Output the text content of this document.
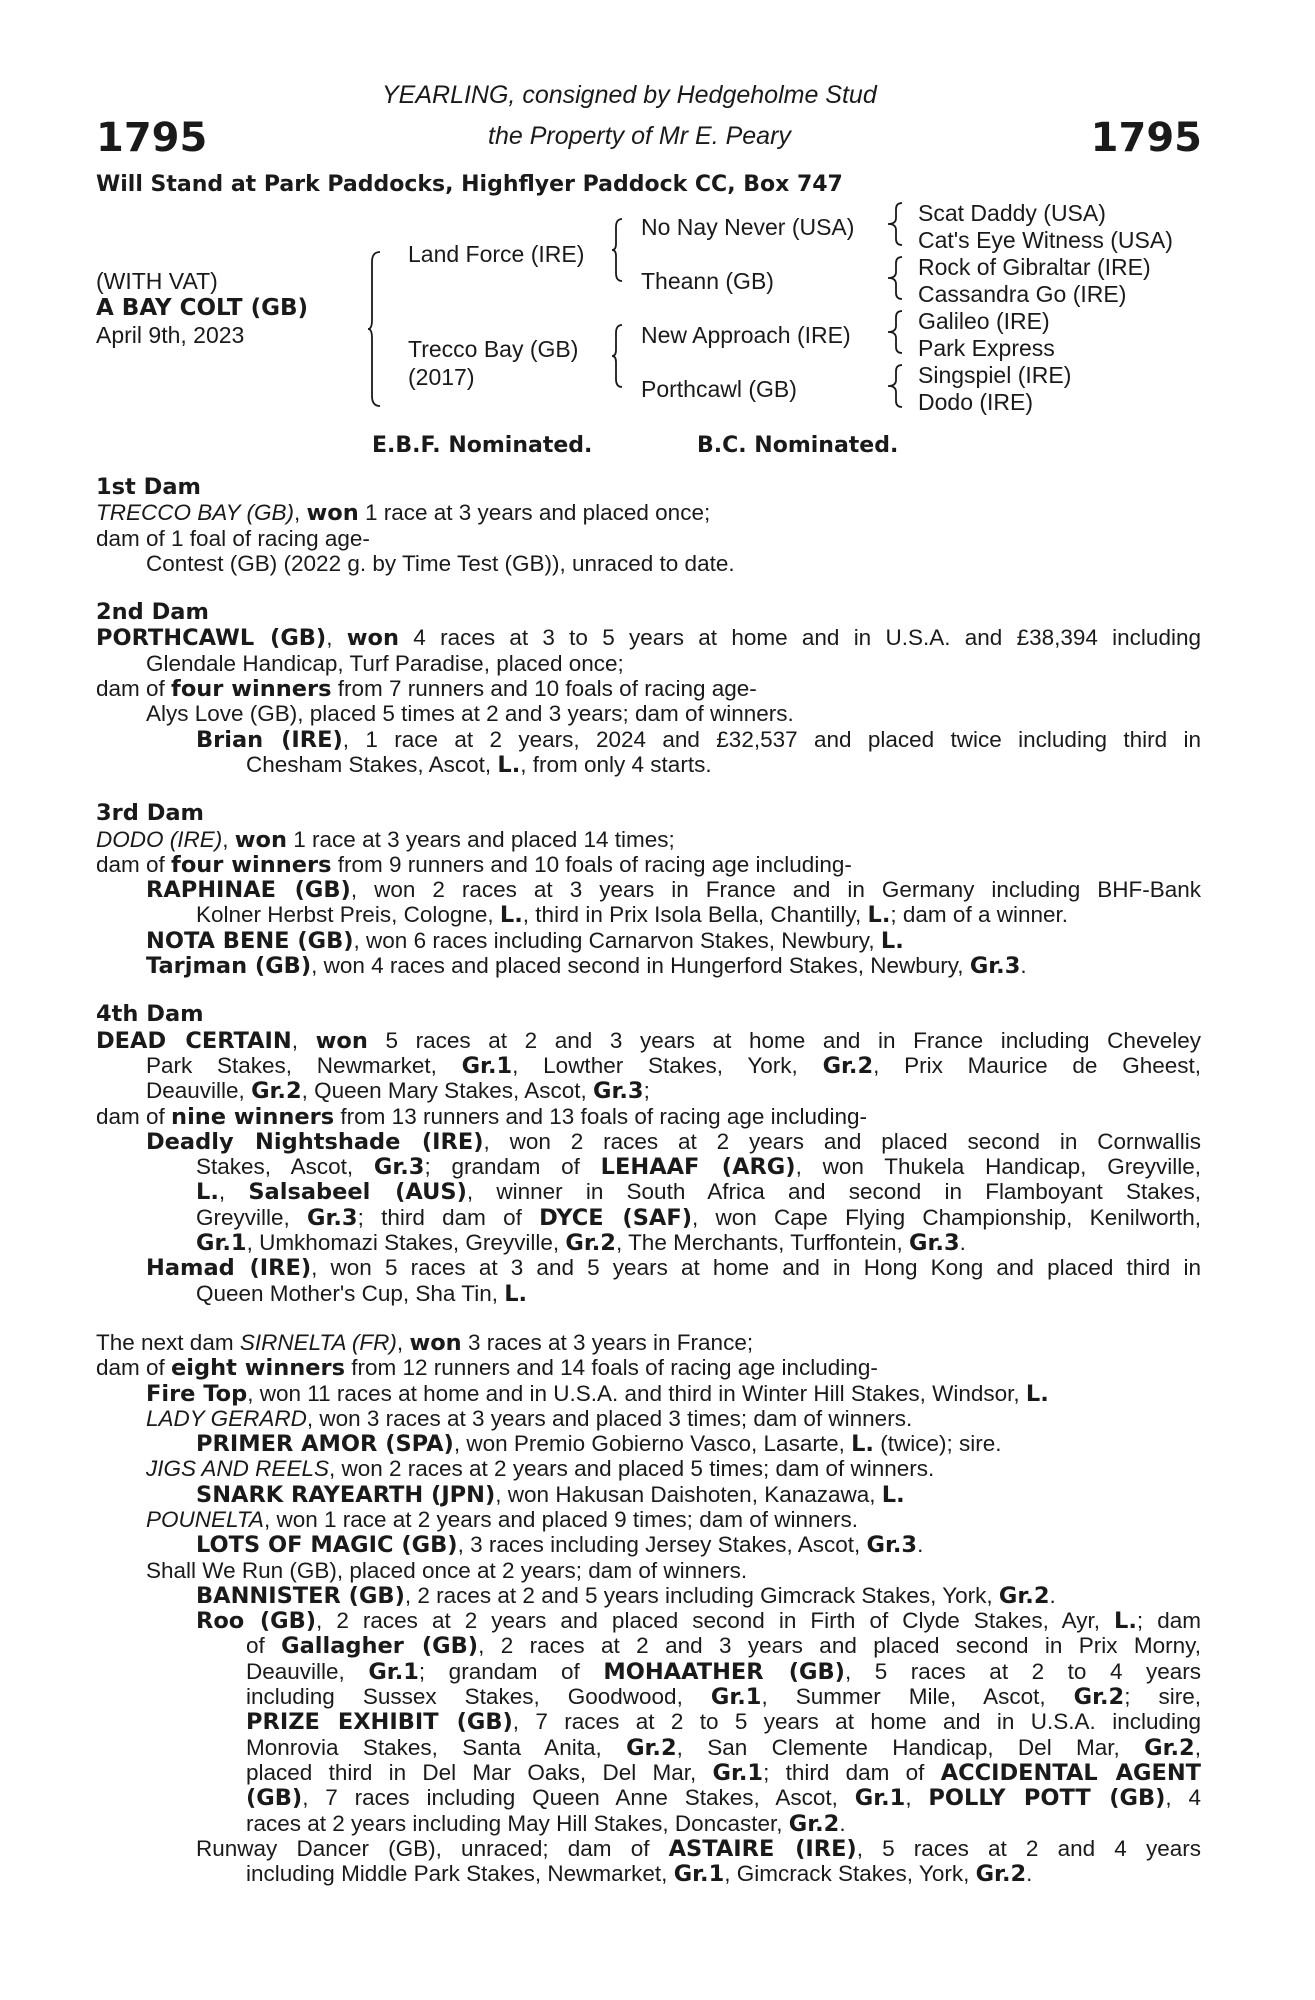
1795	1795
YEARLING, consigned by Hedgeholme Stud
the Property of Mr E. Peary
Will Stand at Park Paddocks, Highflyer Paddock CC, Box 747
(WITH VAT)
A BAY COLT (GB)
April 9th, 2023
Land Force (IRE)
Trecco Bay (GB)
(2017)
No Nay Never (USA)
Theann (GB)
New Approach (IRE)
Porthcawl (GB)
Scat Daddy (USA)
Cat's Eye Witness (USA)
Rock of Gibraltar (IRE)
Cassandra Go (IRE)
Galileo (IRE)
Park Express
Singspiel (IRE)
Dodo (IRE)
E.B.F. Nominated.	B.C. Nominated.
1st Dam
TRECCO BAY (GB), won 1 race at 3 years and placed once;
dam of 1 foal of racing age-
Contest (GB) (2022 g. by Time Test (GB)), unraced to date.
2nd Dam
PORTHCAWL (GB), won 4 races at 3 to 5 years at home and in U.S.A. and £38,394 including
Glendale Handicap, Turf Paradise, placed once;
dam of four winners from 7 runners and 10 foals of racing age-
Alys Love (GB), placed 5 times at 2 and 3 years; dam of winners.
Brian (IRE), 1 race at 2 years, 2024 and £32,537 and placed twice including third in
Chesham Stakes, Ascot, L., from only 4 starts.
3rd Dam
DODO (IRE), won 1 race at 3 years and placed 14 times;
dam of four winners from 9 runners and 10 foals of racing age including-
RAPHINAE (GB), won 2 races at 3 years in France and in Germany including BHF-Bank
Kolner Herbst Preis, Cologne, L., third in Prix Isola Bella, Chantilly, L.; dam of a winner.
NOTA BENE (GB), won 6 races including Carnarvon Stakes, Newbury, L.
Tarjman (GB), won 4 races and placed second in Hungerford Stakes, Newbury, Gr.3.
4th Dam
DEAD CERTAIN, won 5 races at 2 and 3 years at home and in France including Cheveley
Park Stakes, Newmarket, Gr.1, Lowther Stakes, York, Gr.2, Prix Maurice de Gheest,
Deauville, Gr.2, Queen Mary Stakes, Ascot, Gr.3;
dam of nine winners from 13 runners and 13 foals of racing age including-
Deadly Nightshade (IRE), won 2 races at 2 years and placed second in Cornwallis
Stakes, Ascot, Gr.3; grandam of LEHAAF (ARG), won Thukela Handicap, Greyville,
L., Salsabeel (AUS), winner in South Africa and second in Flamboyant Stakes,
Greyville, Gr.3; third dam of DYCE (SAF), won Cape Flying Championship, Kenilworth,
Gr.1, Umkhomazi Stakes, Greyville, Gr.2, The Merchants, Turffontein, Gr.3.
Hamad (IRE), won 5 races at 3 and 5 years at home and in Hong Kong and placed third in
Queen Mother's Cup, Sha Tin, L.
The next dam SIRNELTA (FR), won 3 races at 3 years in France;
dam of eight winners from 12 runners and 14 foals of racing age including-
Fire Top, won 11 races at home and in U.S.A. and third in Winter Hill Stakes, Windsor, L.
LADY GERARD, won 3 races at 3 years and placed 3 times; dam of winners.
PRIMER AMOR (SPA), won Premio Gobierno Vasco, Lasarte, L. (twice); sire.
JIGS AND REELS, won 2 races at 2 years and placed 5 times; dam of winners.
SNARK RAYEARTH (JPN), won Hakusan Daishoten, Kanazawa, L.
POUNELTA, won 1 race at 2 years and placed 9 times; dam of winners.
LOTS OF MAGIC (GB), 3 races including Jersey Stakes, Ascot, Gr.3.
Shall We Run (GB), placed once at 2 years; dam of winners.
BANNISTER (GB), 2 races at 2 and 5 years including Gimcrack Stakes, York, Gr.2.
Roo (GB), 2 races at 2 years and placed second in Firth of Clyde Stakes, Ayr, L.; dam
of Gallagher (GB), 2 races at 2 and 3 years and placed second in Prix Morny,
Deauville, Gr.1; grandam of MOHAATHER (GB), 5 races at 2 to 4 years
including Sussex Stakes, Goodwood, Gr.1, Summer Mile, Ascot, Gr.2; sire,
PRIZE EXHIBIT (GB), 7 races at 2 to 5 years at home and in U.S.A. including
Monrovia Stakes, Santa Anita, Gr.2, San Clemente Handicap, Del Mar, Gr.2,
placed third in Del Mar Oaks, Del Mar, Gr.1; third dam of ACCIDENTAL AGENT
(GB), 7 races including Queen Anne Stakes, Ascot, Gr.1, POLLY POTT (GB), 4
races at 2 years including May Hill Stakes, Doncaster, Gr.2.
Runway Dancer (GB), unraced; dam of ASTAIRE (IRE), 5 races at 2 and 4 years
including Middle Park Stakes, Newmarket, Gr.1, Gimcrack Stakes, York, Gr.2.
